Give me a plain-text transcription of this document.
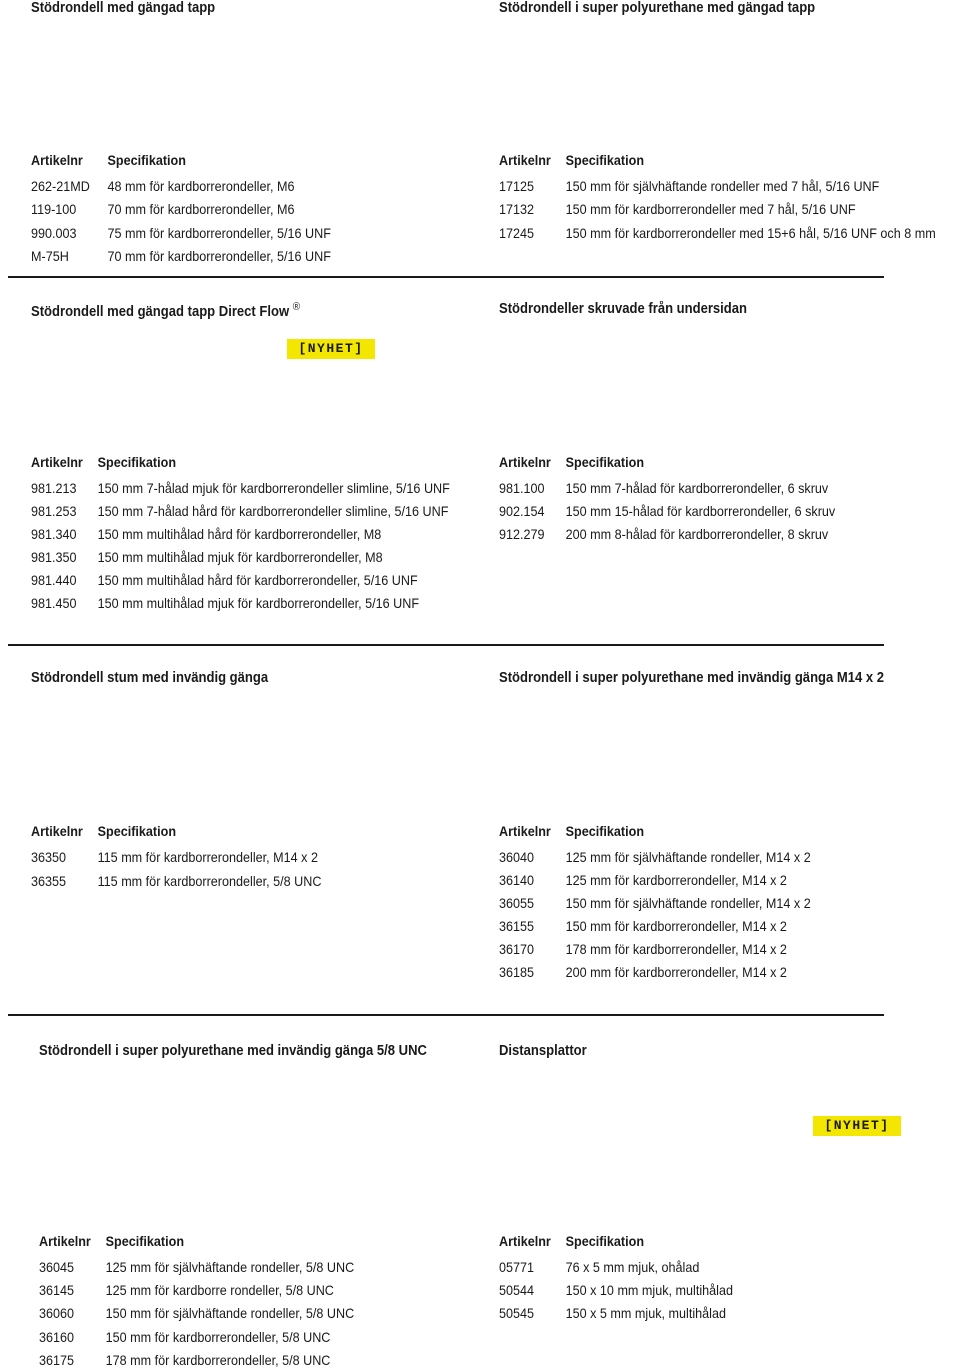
Stödrondell med gängad tapp	Stödrondell i super polyurethane med gängad tapp
Stödrondell med gängad tapp Direct Flow ®	Stödrondeller skruvade från undersidan
Stödrondell stum med invändig gänga	Stödrondell i super polyurethane med invändig gänga M14 x 2
Stödrondell i super polyurethane med invändig gänga 5/8 UNC	Distansplattor
[NYHET]
[NYHET]
Artikelnr Specifikation
262-21MD 48 mm för kardborrerondeller, M6
119-100 70 mm för kardborrerondeller, M6
990.003 75 mm för kardborrerondeller, 5/16 UNF
M-75H	70 mm för kardborrerondeller, 5/16 UNF
Artikelnr Specifikation
17125 150 mm för självhäftande rondeller med 7 hål, 5/16 UNF
17132 150 mm för kardborrerondeller med 7 hål, 5/16 UNF
17245 150 mm för kardborrerondeller med 15+6 hål, 5/16 UNF och 8 mm
Artikelnr Specifikation
981.213 150 mm 7-hålad mjuk för kardborrerondeller slimline, 5/16 UNF
981.253 150 mm 7-hålad hård för kardborrerondeller slimline, 5/16 UNF
981.340 150 mm multihålad hård för kardborrerondeller, M8
981.350 150 mm multihålad mjuk för kardborrerondeller, M8
981.440 150 mm multihålad hård för kardborrerondeller, 5/16 UNF
981.450 150 mm multihålad mjuk för kardborrerondeller, 5/16 UNF
Artikelnr Specifikation
981.100 150 mm 7-hålad för kardborrerondeller, 6 skruv
902.154 150 mm 15-hålad för kardborrerondeller, 6 skruv
912.279 200 mm 8-hålad för kardborrerondeller, 8 skruv
Artikelnr Specifikation
36350 115 mm för kardborrerondeller, M14 x 2
36355 115 mm för kardborrerondeller, 5/8 UNC
Artikelnr Specifikation
36040 125 mm för självhäftande rondeller, M14 x 2
36140 125 mm för kardborrerondeller, M14 x 2
36055 150 mm för självhäftande rondeller, M14 x 2
36155 150 mm för kardborrerondeller, M14 x 2
36170 178 mm för kardborrerondeller, M14 x 2
36185 200 mm för kardborrerondeller, M14 x 2
Artikelnr Specifikation
36045 125 mm för självhäftande rondeller, 5/8 UNC
36145 125 mm för kardborre rondeller, 5/8 UNC
36060 150 mm för självhäftande rondeller, 5/8 UNC
36160 150 mm för kardborrerondeller, 5/8 UNC
36175 178 mm för kardborrerondeller, 5/8 UNC
Artikelnr Specifikation
05771 76 x 5 mm mjuk, ohålad
50544 150 x 10 mm mjuk, multihålad
50545 150 x 5 mm mjuk, multihålad
